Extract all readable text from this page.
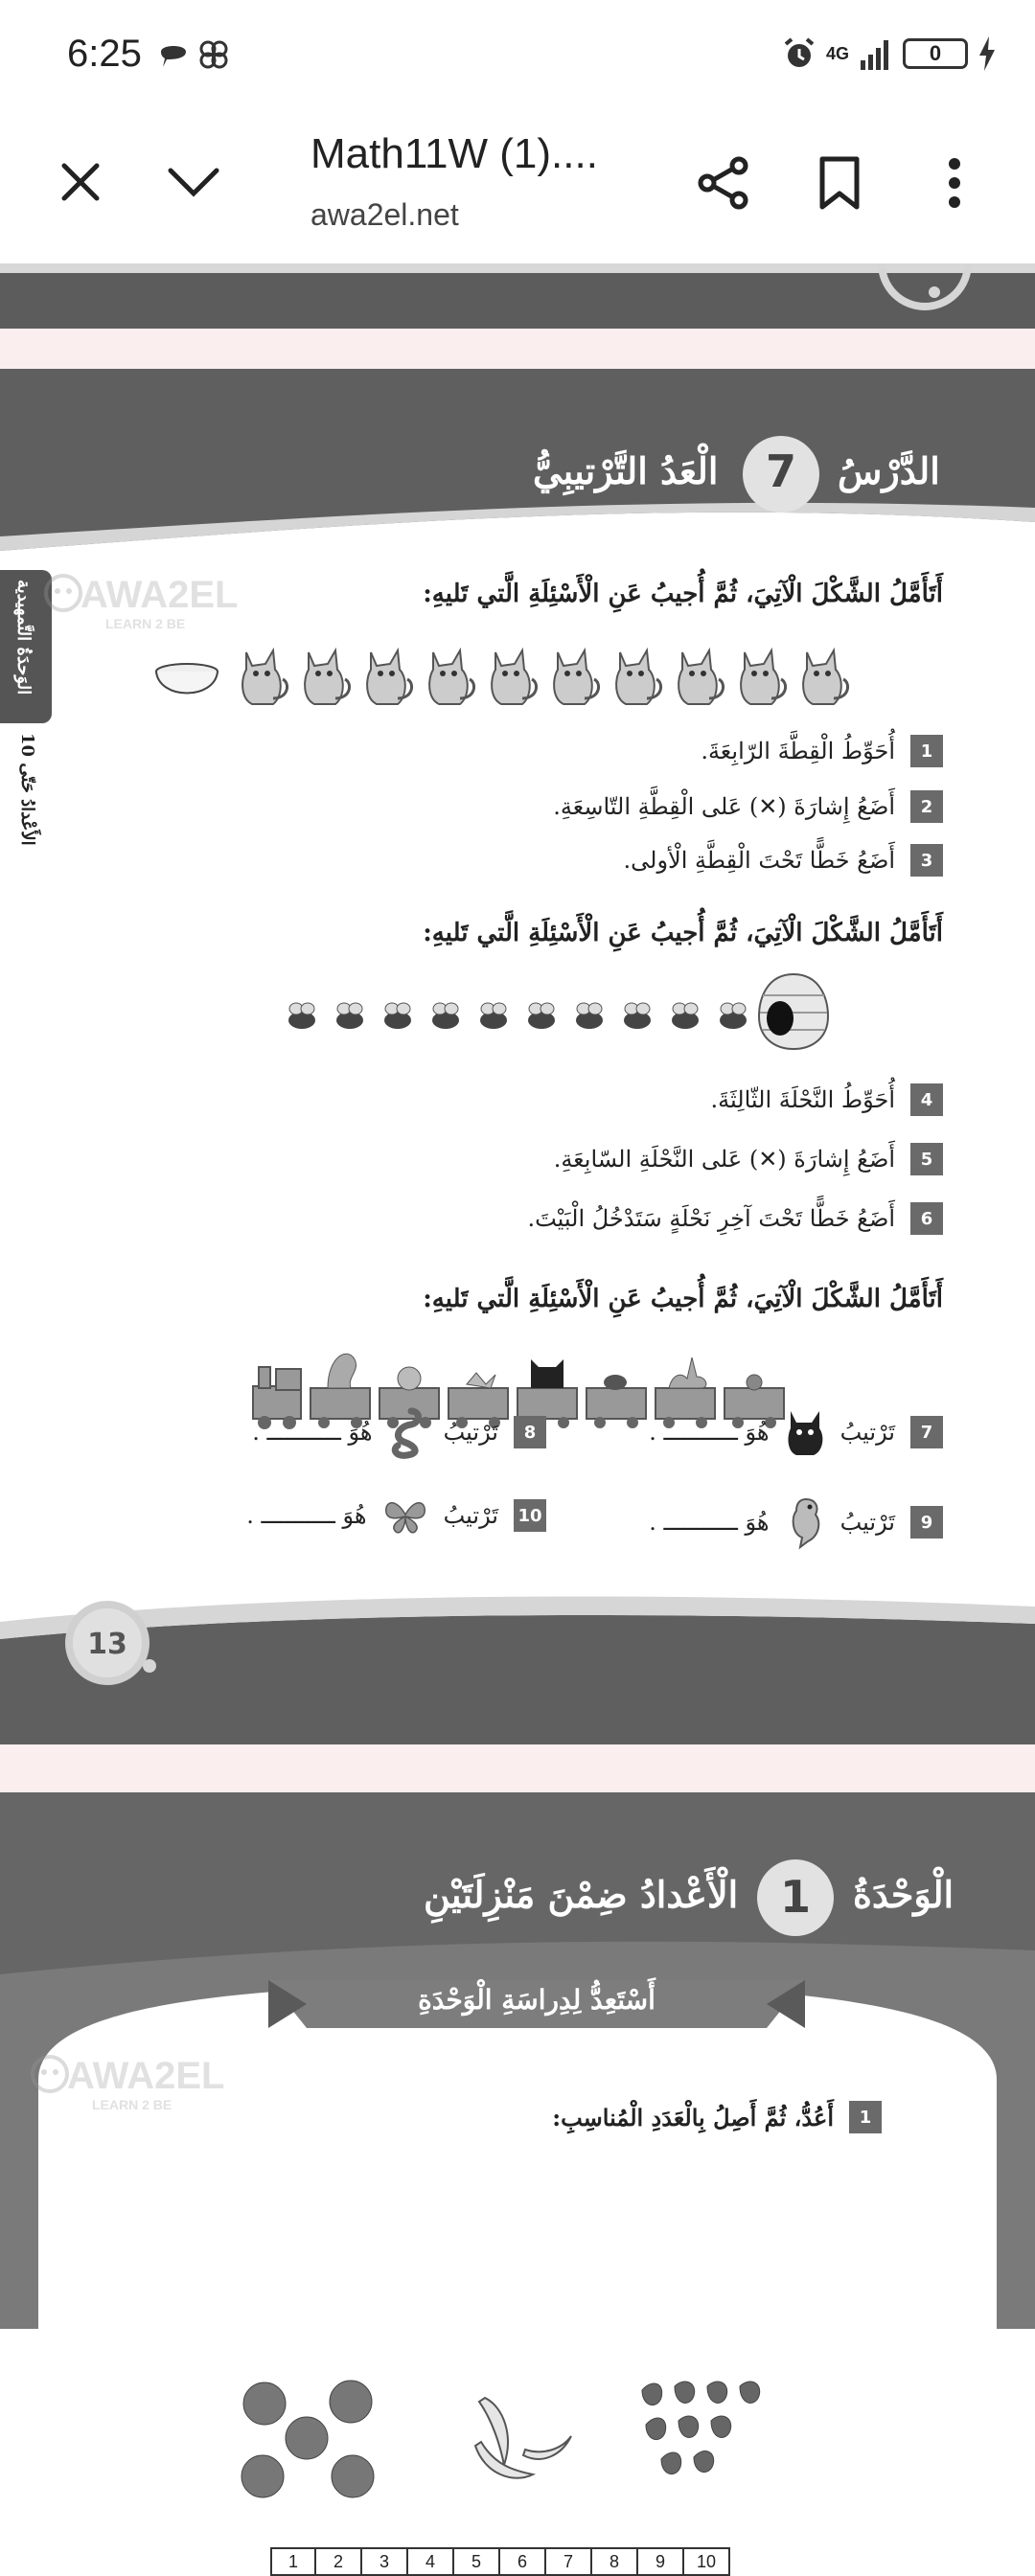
6:25	4G	0
Math11W (1)....
awa2el.net
الدَّرْسُ
7
الْعَدُ التَّرْتيبِيُّ
الوَحدَةُ التَّمهيدية
الأَعْدادُ حَتّى 10
AWA2EL
LEARN 2 BE
أَتَأَمَّلُ الشَّكْلَ الْآتِيَ، ثُمَّ أُجيبُ عَنِ الْأَسْئِلَةِ الَّتي تَليهِ:
1
أُحَوِّطُ الْقِطَّةَ الرّابِعَةَ.
2
أَضَعُ إِشارَةَ (✕) عَلى الْقِطَّةِ التّاسِعَةِ.
3
أَضَعُ خَطًّا تَحْتَ الْقِطَّةِ الْأولى.
أَتَأَمَّلُ الشَّكْلَ الْآتِيَ، ثُمَّ أُجيبُ عَنِ الْأَسْئِلَةِ الَّتي تَليهِ:
4
أُحَوِّطُ النَّحْلَةَ الثّالِثَةَ.
5
أَضَعُ إِشارَةَ (✕) عَلى النَّحْلَةِ السّابِعَةِ.
6
أَضَعُ خَطًّا تَحْتَ آخِرِ نَحْلَةٍ سَتَدْخُلُ الْبَيْتَ.
أَتَأَمَّلُ الشَّكْلَ الْآتِيَ، ثُمَّ أُجيبُ عَنِ الْأَسْئِلَةِ الَّتي تَليهِ:
7
تَرْتيبُ
هُوَ ـــــــــــ .
8
تَرْتيبُ
هُوَ ـــــــــــ .
9
تَرْتيبُ
هُوَ ـــــــــــ .
10
تَرْتيبُ
هُوَ ـــــــــــ .
13
الْوَحْدَةُ
1
الْأَعْدادُ ضِمْنَ مَنْزِلَتَيْنِ
أَسْتَعِدُّ لِدِراسَةِ الْوَحْدَةِ
AWA2EL
LEARN 2 BE
1
أَعُدُّ، ثُمَّ أَصِلُ بِالْعَدَدِ الْمُناسِبِ:
1	2	3	4	5	6	7	8	9	10
